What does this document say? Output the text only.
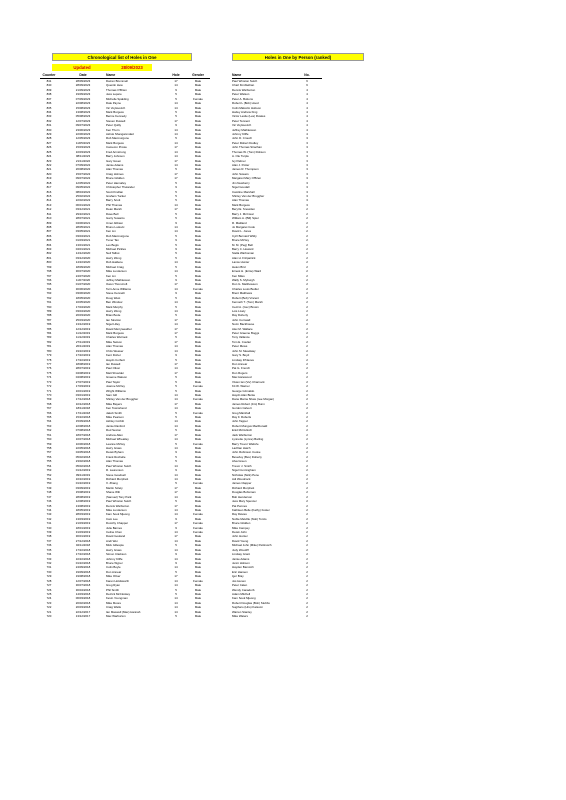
Chronological list of Holes in One	Holes in One by Person (ranked)
Updated	28/09/2023
Counter	Date	Name	Hole	Gender	Name	No.
841	28/09/2023	Darren Brummell	17	Male
840	28/09/2023	Quentin Hew	14	Male
839	21/09/2023	Thomas O'Brien	9	Male
838	19/09/2023	Jess Lepere	5	Male
837	07/09/2023	Michelle Spalding	5	Female
836	22/08/2023	Dale Payne	14	Male
835	15/08/2023	Vic Voyksovich	14	Male
834	13/08/2023	Mark Burgess	5	Male
833	05/08/2023	Bernie Kennedy	5	Male
832	12/07/2023	Steven Russell	17	Male
831	09/07/2023	Peter Quilty	9	Male
830	23/06/2023	Ken Thorn	14	Male
829	22/06/2023	Ashok Shanganmdad	14	Male
828	12/05/2023	Rob Macmurgone	5	Male
827	11/05/2023	Mark Burgess	14	Male
826	15/03/2023	Cameron Prosie	17	Male
825	10/03/2023	Fred Armstrong	14	Male
824	08/11/2023	Barry Johnson	14	Male
823	21/11/2022	Gary Green	17	Male
822	07/09/2022	Jamie Adams	14	Male
821	26/08/2022	Alan Thomas	5	Male
820	15/07/2022	Craig Holmes	17	Male
819	09/07/2022	Bruce Gildden	17	Male
818	12/05/2022	Peter Hannafey	5	Male
817	09/05/2022	Christopher Thelander	9	Male
816	08/04/2022	Scott Kindlan	5	Male
815	25/02/2022	Graham Tucker	5	Male
814	22/02/2022	Barry Scott	5	Male
813	06/01/2022	Phil Thomas	14	Male
812	03/12/2021	Dean Marsh	17	Male
811	29/10/2021	Dave Bell	5	Male
810	28/07/2021	Garry Susanto	5	Male
809	04/06/2021	Umer Abbasi	9	Male
808	28/05/2021	Bruno Ludovic	14	Male
807	03/05/2021	Ken Lin	14	Male
806	03/04/2021	Rob Macmurgone	5	Male
805	01/03/2021	Tuner Tan	9	Male
804	13/01/2021	Les Begis	5	Male
803	04/01/2021	Michael Pickles	9	Male
802	14/12/2020	Neil Talbot	5	Male
801	03/12/2020	Harry Wong	5	Male
800	14/10/2020	Rob Haldene	14	Male
799	18/09/2020	Michael Craig	5	Male
798	30/07/2020	Mike Lunderson	14	Male
797	24/07/2020	Ken Lin	5	Male
796	11/07/2020	Jeffrey Mathlesson	9	Male
795	01/07/2020	Owen Thomcroft	17	Male
794	30/06/2020	Terri-Anne Williams	14	Female
793	03/06/2020	Steve Kenneth	9	Male
792	18/05/2020	Doug West	5	Male
791	16/05/2020	Ben Windsor	14	Male
790	17/04/2020	Mark Murphy	5	Male
789	03/04/2020	Harry Wong	14	Male
788	26/03/2020	Brian Bode	5	Male
787	25/03/2020	Ian Stretton	17	Male
786	13/12/2019	Nigel Lilley	14	Male
785	12/12/2019	David Merryweather	17	Male
784	11/12/2019	Mark Burgess	17	Male
783	11/12/2019	Charles Wetrook	5	Male
782	27/11/2019	Mike Nelson	17	Male
781	20/11/2019	Alan Thomas	14	Male
780	19/10/2019	Chris Weaver	14	Male
779	17/10/2019	Kent Fisher	9	Male
778	17/10/2019	Haydn Corbett	5	Male
777	18/08/2019	Ian Russell	17	Male
776	28/07/2019	Paul Oliver	14	Male
775	04/08/2019	Matt Shoulder	17	Male
774	04/08/2019	Graeme Watson	5	Male
773	27/07/2019	Paul Taylor	5	Male
772	17/03/2019	Joanne McVey	5	Female
771	16/01/2019	Wright Williams	5	Male
770	03/01/2019	Sam Gill	14	Male
769	17/12/2018	Shirley Van der Bruggher	14	Female
768	10/12/2018	Mike Bayers	17	Male
767	18/11/2018	Ken Townshend	14	Male
766	17/11/2018	Jakob Smith	5	Female
765	15/10/2018	Mike Pearson	5	Male
764	15/09/2018	Ashley Corbitt	14	Male
763	22/08/2018	Jamie Ranford	14	Male
762	07/08/2018	Rod Sexton	5	Male
761	18/07/2018	Andrew Allen	17	Male
760	16/07/2018	Michael Wheatley	14	Male
759	10/06/2018	Leanne McVey	5	Female
758	22/05/2018	Harry Grass	14	Male
757	04/05/2018	Derek Byham	9	Male
756	05/02/2018	Frank Rochelle	5	Male
755	23/02/2018	Alan Thomas	5	Male
754	05/02/2018	Paul Winston Sutch	14	Male
753	01/12/2019	R. Laurenson	9	Male
752	09/11/2019	Steve Goodsell	14	Male
751	16/10/2019	Richard Morphett	14	Male
750	01/10/2019	X. Zhang	5	Female
749	03/09/2019	Martin Sclety	17	Male
748	15/08/2019	Shane Wilt	17	Male
747	28/08/2019	(Samuel) Tony Park	14	Male
746	12/08/2019	Paul Winston Sutch	5	Male
745	13/08/2019	Dennis Warburton	17	Male
744	18/05/2019	Mike Lunderson	14	Male
743	28/03/2019	Kam Sook Mjeong	14	Female
742	13/03/2019	Cam Lee	9	Male
741	21/03/2019	Dorothy Chapper	17	Female
740	18/01/2019	Julie Barnes	9	Female
739	31/03/2019	Celine Chen	14	Female
738	30/01/2019	David Gouland	17	Male
737	27/12/2018	Andi Wei	14	Male
736	02/11/2018	Mick Gillespie	5	Male
735	17/10/2018	Harry Grass	14	Male
734	17/10/2018	Simon Clarkson	9	Male
733	10/10/2018	Johnny Kliffe	14	Male
732	01/10/2018	Bruce Wyper	9	Male
731	24/09/2018	Colin Boyle	14	Male
730	19/09/2018	Don Annear	5	Male
729	19/08/2018	Mike Oliver	17	Male
728	12/07/2018	Karen Holdsworth	14	Female
727	30/07/2018	Greg Ryan	14	Male
726	30/04/2018	Phil Smith	5	Male
725	14/03/2018	Derrick McCloskey	5	Male
724	06/03/2018	Kevin Youngman	14	Male
723	20/02/2018	Mike Moore	14	Male
722	20/03/2018	Craig Watts	14	Male
721	22/12/2017	Ian Maxwell (Max) Hannah	14	Male
720	13/12/2017	Max Warburton	5	Male
Paul Winston Sutch	6
Charl Kimblethan	6
Dennis Warburton	4
Peter Watson	4
Peter A. Buttons	4
Robert L (Bob) Hood	4
Colin Malcolm Hobson	4
Harley Andrew King	4
Victor Leslie (Les) Rowles	4
Peter Tennent	4
Vic Voyksovich	4
Jeffrey Mathlesson	4
Johnny Kliffe	4
John D. Crouch	3
Peter Robert Dudley	3
John Thomas Strachan	3
Thomas W. (Tom) Robson	3
A. Ole Turple	3
Ivy Palmer	3
Alan J. Potter	3
James R. Thompson	3
John Sowers	3
Margaret Mary O'Brien	3
Jim Newberry	3
Nigel Goodall	3
Caroline Marshall	3
Shirley Van der Bruggher	3
Alan Thomas	3
Mark Burgess	3
Beryl E. Snowden	2
Barry J. McCrear	2
William A. (Bill) Spier	2
R. Maitland	2
Jo Margaret Cook	2
David L. Jones	2
Cyril Bernard Wildy	2
Bruce McVey	2
M. M. (Peg) Bell	2
Barry C. Howard	2
Stella Warboman	2
Alan H. Fitzpatrick	2
Lance Hunter	2
Helen Bird	2
Ernest H. (Ernie) Ward	2
Ken Miles	2
Wally S. Myburgh	2
Don G. Matthewson	2
Charles Louis Budler	2
Brent Matthews	2
Robert (Bob) Vincent	2
Kenneth T. (Tom) Marsh	2
Cecil A. (Cec) Brown	2
Lois Lively	2
Ray Doherty	2
John Cornwall	2
Norm Backhouse	2
Alex M. Wallace	2
Peter Graeme Boggs	2
Tony Vallance	2
Tom E. Coulter	2
Peter Mews	2
John M. Meadway	2
Gary S. Boyd	2
Lindsay D'Nauva	2
Don Annear	2
Pat G. French	2
Don Rogers	2
Max Harewood	2
Vivien Ian (Viv) Charnock	2
Kit W. Warner	2
George Grimaldo	2
Haydn Alan Burke	2
Dana Marna Shaw (nee Morgan)	2
James Robert (Jim) Bunn	2
Gordon Calvert	2
Greg Marshall	2
Ray F. Roberts	2
John Tapper	2
Robert Mungus MacDonald	2
Enid McCulloch	2
Jack Warburton	2
Lynnette (Lynne) Barling	2
Barry Trevor Walrofe	2
Lachlan Hatch	2
John Robinson Cooke	2
Beverley (Bev) Doherty	2
Alva Green	2
Trevor J. Smith	2
Nigel Cunningham	2
Nicholas (Nick) Pene	2
Adi Woodcock	2
James Clapper	2
Richard Morphett	2
Douglas Bobsman	2
Bob Henderson	2
Jess Mary Spencer	2
Pat Pennes	2
Kathleen Belle (Kathy) Foster	2
Ray Davies	2
Noble Melville (Nob) Tomlo	2
Bruce Glidden	2
Mike Campey	2
Derek John	2
John Hunter	2
David Young	2
Michael John (Mike) Pettinotch	2
Judy Woodiff	2
Lindsay Grant	2
Jamie Adams	2
Jenni Hobson	2
Hayden Bamroth	2
Eric Hansen	2
Igor Bray	2
Jos Henen	2
Peter Calen	2
Wendy Canadorb	2
Adam Mitchell	2
Kam Sook Mjeong	2
Robert Douglas (Bob) Stubbs	2
Sugiharo (Hiro) Katsumi	2
Warren Stanley	2
Mike Waters	2
